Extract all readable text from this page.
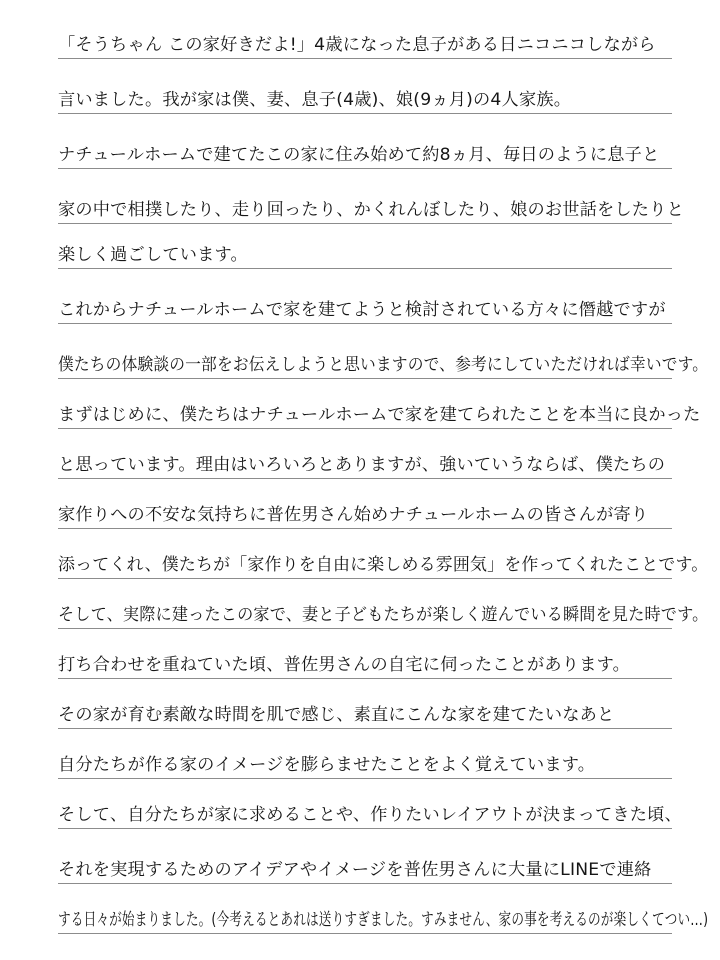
「そうちゃん この家好きだよ!」4歳になった息子がある日ニコニコしながら
言いました。我が家は僕、妻、息子(4歳)、娘(9ヵ月)の4人家族。
ナチュールホームで建てたこの家に住み始めて約8ヵ月、毎日のように息子と
家の中で相撲したり、走り回ったり、かくれんぼしたり、娘のお世話をしたりと
楽しく過ごしています。
これからナチュールホームで家を建てようと検討されている方々に僭越ですが
僕たちの体験談の一部をお伝えしようと思いますので、参考にしていただければ幸いです。
まずはじめに、僕たちはナチュールホームで家を建てられたことを本当に良かった
と思っています。理由はいろいろとありますが、強いていうならば、僕たちの
家作りへの不安な気持ちに普佐男さん始めナチュールホームの皆さんが寄り
添ってくれ、僕たちが「家作りを自由に楽しめる雰囲気」を作ってくれたことです。
そして、実際に建ったこの家で、妻と子どもたちが楽しく遊んでいる瞬間を見た時です。
打ち合わせを重ねていた頃、普佐男さんの自宅に伺ったことがあります。
その家が育む素敵な時間を肌で感じ、素直にこんな家を建てたいなあと
自分たちが作る家のイメージを膨らませたことをよく覚えています。
そして、自分たちが家に求めることや、作りたいレイアウトが決まってきた頃、
それを実現するためのアイデアやイメージを普佐男さんに大量にLINEで連絡
する日々が始まりました。(今考えるとあれは送りすぎました。すみません、家の事を考えるのが楽しくてつい…)
